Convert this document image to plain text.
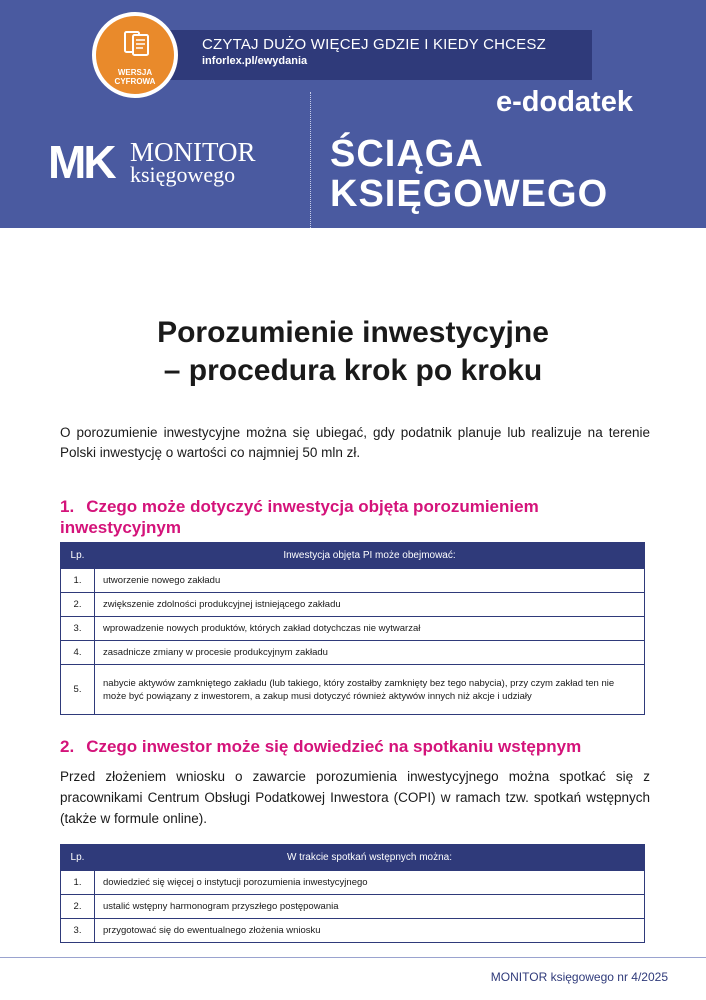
CZYTAJ DUŻO WIĘCEJ GDZIE I KIEDY CHCESZ
inforlex.pl/ewydania
WERSJA
CYFROWA
e-dodatek
MK MONITOR
księgowego ŚCIĄGA
KSIĘGOWEGO
Porozumienie inwestycyjne
– procedura krok po kroku

O porozumienie inwestycyjne można się ubiegać, gdy podatnik planuje lub realizuje na terenie Polski inwestycję o wartości co najmniej 50 mln zł.

1. Czego może dotyczyć inwestycja objęta porozumieniem inwestycyjnym
Lp.	Inwestycja objęta PI może obejmować:
1.	utworzenie nowego zakładu
2.	zwiększenie zdolności produkcyjnej istniejącego zakładu
3.	wprowadzenie nowych produktów, których zakład dotychczas nie wytwarzał
4.	zasadnicze zmiany w procesie produkcyjnym zakładu
5.	nabycie aktywów zamkniętego zakładu (lub takiego, który zostałby zamknięty bez tego nabycia), przy czym zakład ten nie może być powiązany z inwestorem, a zakup musi dotyczyć również aktywów innych niż akcje i udziały
2. Czego inwestor może się dowiedzieć na spotkaniu wstępnym

Przed złożeniem wniosku o zawarcie porozumienia inwestycyjnego można spotkać się z pracownikami Centrum Obsługi Podatkowej Inwestora (COPI) w ramach tzw. spotkań wstępnych (także w formule online).

Lp.	W trakcie spotkań wstępnych można:
1.	dowiedzieć się więcej o instytucji porozumienia inwestycyjnego
2.	ustalić wstępny harmonogram przyszłego postępowania
3.	przygotować się do ewentualnego złożenia wniosku
MONITOR księgowego nr 4/2025
